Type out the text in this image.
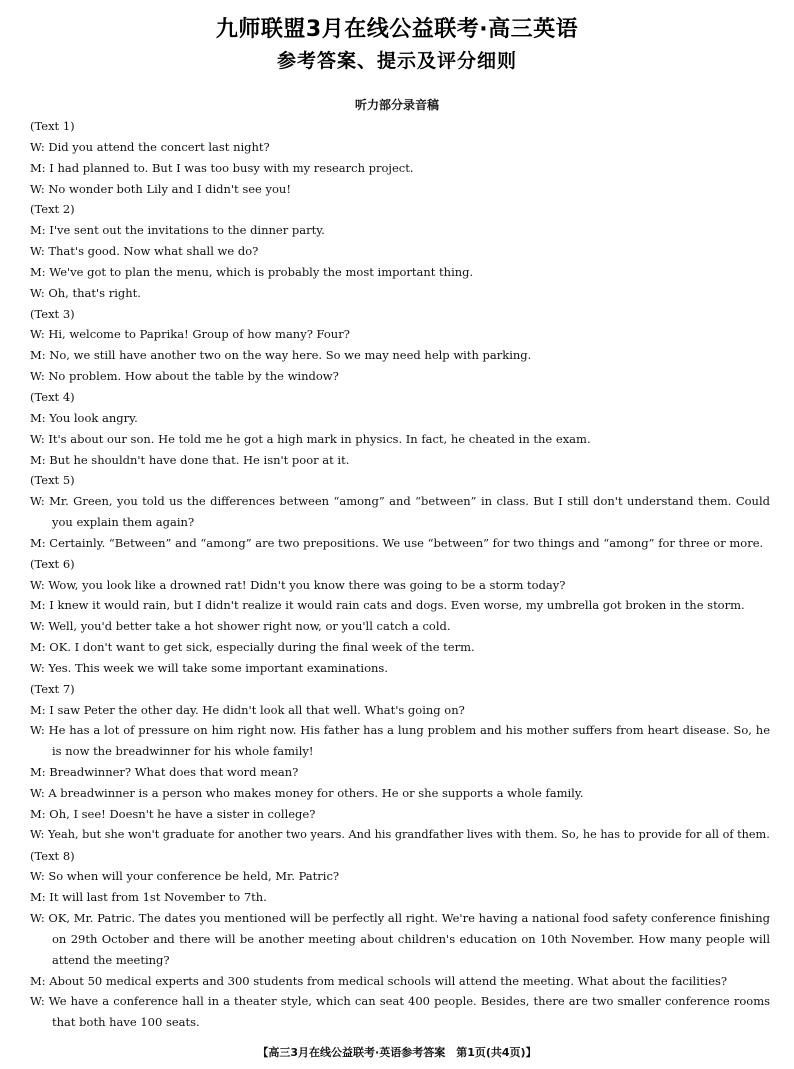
九师联盟3月在线公益联考·高三英语
参考答案、提示及评分细则
听力部分录音稿
(Text 1)
W: Did you attend the concert last night?
M: I had planned to. But I was too busy with my research project.
W: No wonder both Lily and I didn't see you!
(Text 2)
M: I've sent out the invitations to the dinner party.
W: That's good. Now what shall we do?
M: We've got to plan the menu, which is probably the most important thing.
W: Oh, that's right.
(Text 3)
W: Hi, welcome to Paprika! Group of how many? Four?
M: No, we still have another two on the way here. So we may need help with parking.
W: No problem. How about the table by the window?
(Text 4)
M: You look angry.
W: It's about our son. He told me he got a high mark in physics. In fact, he cheated in the exam.
M: But he shouldn't have done that. He isn't poor at it.
(Text 5)
W: Mr. Green, you told us the differences between “among” and “between” in class. But I still don't understand them. Could you explain them again?
M: Certainly. “Between” and “among” are two prepositions. We use “between” for two things and “among” for three or more.
(Text 6)
W: Wow, you look like a drowned rat! Didn't you know there was going to be a storm today?
M: I knew it would rain, but I didn't realize it would rain cats and dogs. Even worse, my umbrella got broken in the storm.
W: Well, you'd better take a hot shower right now, or you'll catch a cold.
M: OK. I don't want to get sick, especially during the final week of the term.
W: Yes. This week we will take some important examinations.
(Text 7)
M: I saw Peter the other day. He didn't look all that well. What's going on?
W: He has a lot of pressure on him right now. His father has a lung problem and his mother suffers from heart disease. So, he is now the breadwinner for his whole family!
M: Breadwinner? What does that word mean?
W: A breadwinner is a person who makes money for others. He or she supports a whole family.
M: Oh, I see! Doesn't he have a sister in college?
W: Yeah, but she won't graduate for another two years. And his grandfather lives with them. So, he has to provide for all of them.
(Text 8)
W: So when will your conference be held, Mr. Patric?
M: It will last from 1st November to 7th.
W: OK, Mr. Patric. The dates you mentioned will be perfectly all right. We're having a national food safety conference finishing on 29th October and there will be another meeting about children's education on 10th November. How many people will attend the meeting?
M: About 50 medical experts and 300 students from medical schools will attend the meeting. What about the facilities?
W: We have a conference hall in a theater style, which can seat 400 people. Besides, there are two smaller conference rooms that both have 100 seats.
【高三3月在线公益联考·英语参考答案　第1页(共4页)】
